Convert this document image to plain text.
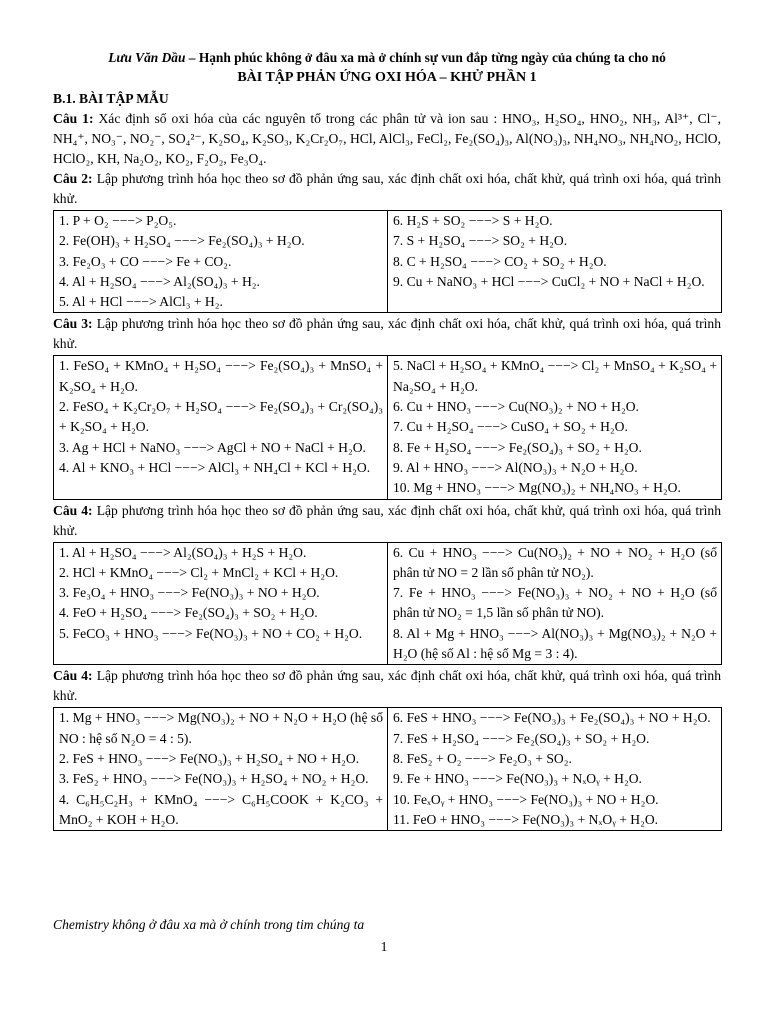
Lưu Văn Dầu – Hạnh phúc không ở đâu xa mà ở chính sự vun đắp từng ngày của chúng ta cho nó
BÀI TẬP PHẢN ỨNG OXI HÓA – KHỬ PHẦN 1
B.1. BÀI TẬP MẪU
Câu 1: Xác định số oxi hóa của các nguyên tố trong các phân tử và ion sau : HNO₃, H₂SO₄, HNO₂, NH₃, Al³⁺, Cl⁻, NH₄⁺, NO₃⁻, NO₂⁻, SO₄²⁻, K₂SO₄, K₂SO₃, K₂Cr₂O₇, HCl, AlCl₃, FeCl₂, Fe₂(SO₄)₃, Al(NO₃)₃, NH₄NO₃, NH₄NO₂, HClO, HClO₂, KH, Na₂O₂, KO₂, F₂O₂, Fe₃O₄.
Câu 2: Lập phương trình hóa học theo sơ đồ phản ứng sau, xác định chất oxi hóa, chất khử, quá trình oxi hóa, quá trình khử.
1. P + O₂ −−−> P₂O₅.
2. Fe(OH)₃ + H₂SO₄ −−−> Fe₂(SO₄)₃ + H₂O.
3. Fe₂O₃ + CO −−−> Fe + CO₂.
4. Al + H₂SO₄ −−−> Al₂(SO₄)₃ + H₂.
5. Al + HCl −−−> AlCl₃ + H₂.

6. H₂S + SO₂ −−−> S + H₂O.
7. S + H₂SO₄ −−−> SO₂ + H₂O.
8. C + H₂SO₄ −−−> CO₂ + SO₂ + H₂O.
9. Cu + NaNO₃ + HCl −−−> CuCl₂ + NO + NaCl + H₂O.
Câu 3: Lập phương trình hóa học theo sơ đồ phản ứng sau, xác định chất oxi hóa, chất khử, quá trình oxi hóa, quá trình khử.
1. FeSO₄ + KMnO₄ + H₂SO₄ −−−> Fe₂(SO₄)₃ + MnSO₄ + K₂SO₄ + H₂O.
2. FeSO₄ + K₂Cr₂O₇ + H₂SO₄ −−−> Fe₂(SO₄)₃ + Cr₂(SO₄)₃ + K₂SO₄ + H₂O.
3. Ag + HCl + NaNO₃ −−−> AgCl + NO + NaCl + H₂O.
4. Al + KNO₃ + HCl −−−> AlCl₃ + NH₄Cl + KCl + H₂O.

5. NaCl + H₂SO₄ + KMnO₄ −−−> Cl₂ + MnSO₄ + K₂SO₄ + Na₂SO₄ + H₂O.
6. Cu + HNO₃ −−−> Cu(NO₃)₂ + NO + H₂O.
7. Cu + H₂SO₄ −−−> CuSO₄ + SO₂ + H₂O.
8. Fe + H₂SO₄ −−−> Fe₂(SO₄)₃ + SO₂ + H₂O.
9. Al + HNO₃ −−−> Al(NO₃)₃ + N₂O + H₂O.
10. Mg + HNO₃ −−−> Mg(NO₃)₂ + NH₄NO₃ + H₂O.
Câu 4: Lập phương trình hóa học theo sơ đồ phản ứng sau, xác định chất oxi hóa, chất khử, quá trình oxi hóa, quá trình khử.
1. Al + H₂SO₄ −−−> Al₂(SO₄)₃ + H₂S + H₂O.
2. HCl + KMnO₄ −−−> Cl₂ + MnCl₂ + KCl + H₂O.
3. Fe₃O₄ + HNO₃ −−−> Fe(NO₃)₃ + NO + H₂O.
4. FeO + H₂SO₄ −−−> Fe₂(SO₄)₃ + SO₂ + H₂O.
5. FeCO₃ + HNO₃ −−−> Fe(NO₃)₃ + NO + CO₂ + H₂O.

6. Cu + HNO₃ −−−> Cu(NO₃)₂ + NO + NO₂ + H₂O (số phân tử NO = 2 lần số phân tử NO₂).
7. Fe + HNO₃ −−−> Fe(NO₃)₃ + NO₂ + NO + H₂O (số phân tử NO₂ = 1,5 lần số phân tử NO).
8. Al + Mg + HNO₃ −−−> Al(NO₃)₃ + Mg(NO₃)₂ + N₂O + H₂O (hệ số Al : hệ số Mg = 3 : 4).
Câu 4: Lập phương trình hóa học theo sơ đồ phản ứng sau, xác định chất oxi hóa, chất khử, quá trình oxi hóa, quá trình khử.
1. Mg + HNO₃ −−−> Mg(NO₃)₂ + NO + N₂O + H₂O (hệ số NO : hệ số N₂O = 4 : 5).
2. FeS + HNO₃ −−−> Fe(NO₃)₃ + H₂SO₄ + NO + H₂O.
3. FeS₂ + HNO₃ −−−> Fe(NO₃)₃ + H₂SO₄ + NO₂ + H₂O.
4. C₆H₅C₂H₃ + KMnO₄ −−−> C₆H₅COOK + K₂CO₃ + MnO₂ + KOH + H₂O.

6. FeS + HNO₃ −−−> Fe(NO₃)₃ + Fe₂(SO₄)₃ + NO + H₂O.
7. FeS + H₂SO₄ −−−> Fe₂(SO₄)₃ + SO₂ + H₂O.
8. FeS₂ + O₂ −−−> Fe₂O₃ + SO₂.
9. Fe + HNO₃ −−−> Fe(NO₃)₃ + NₓOᵧ + H₂O.
10. FeₓOᵧ + HNO₃ −−−> Fe(NO₃)₃ + NO + H₂O.
11. FeO + HNO₃ −−−> Fe(NO₃)₃ + NₓOᵧ + H₂O.
Chemistry không ở đâu xa mà ở chính trong tim chúng ta
1
